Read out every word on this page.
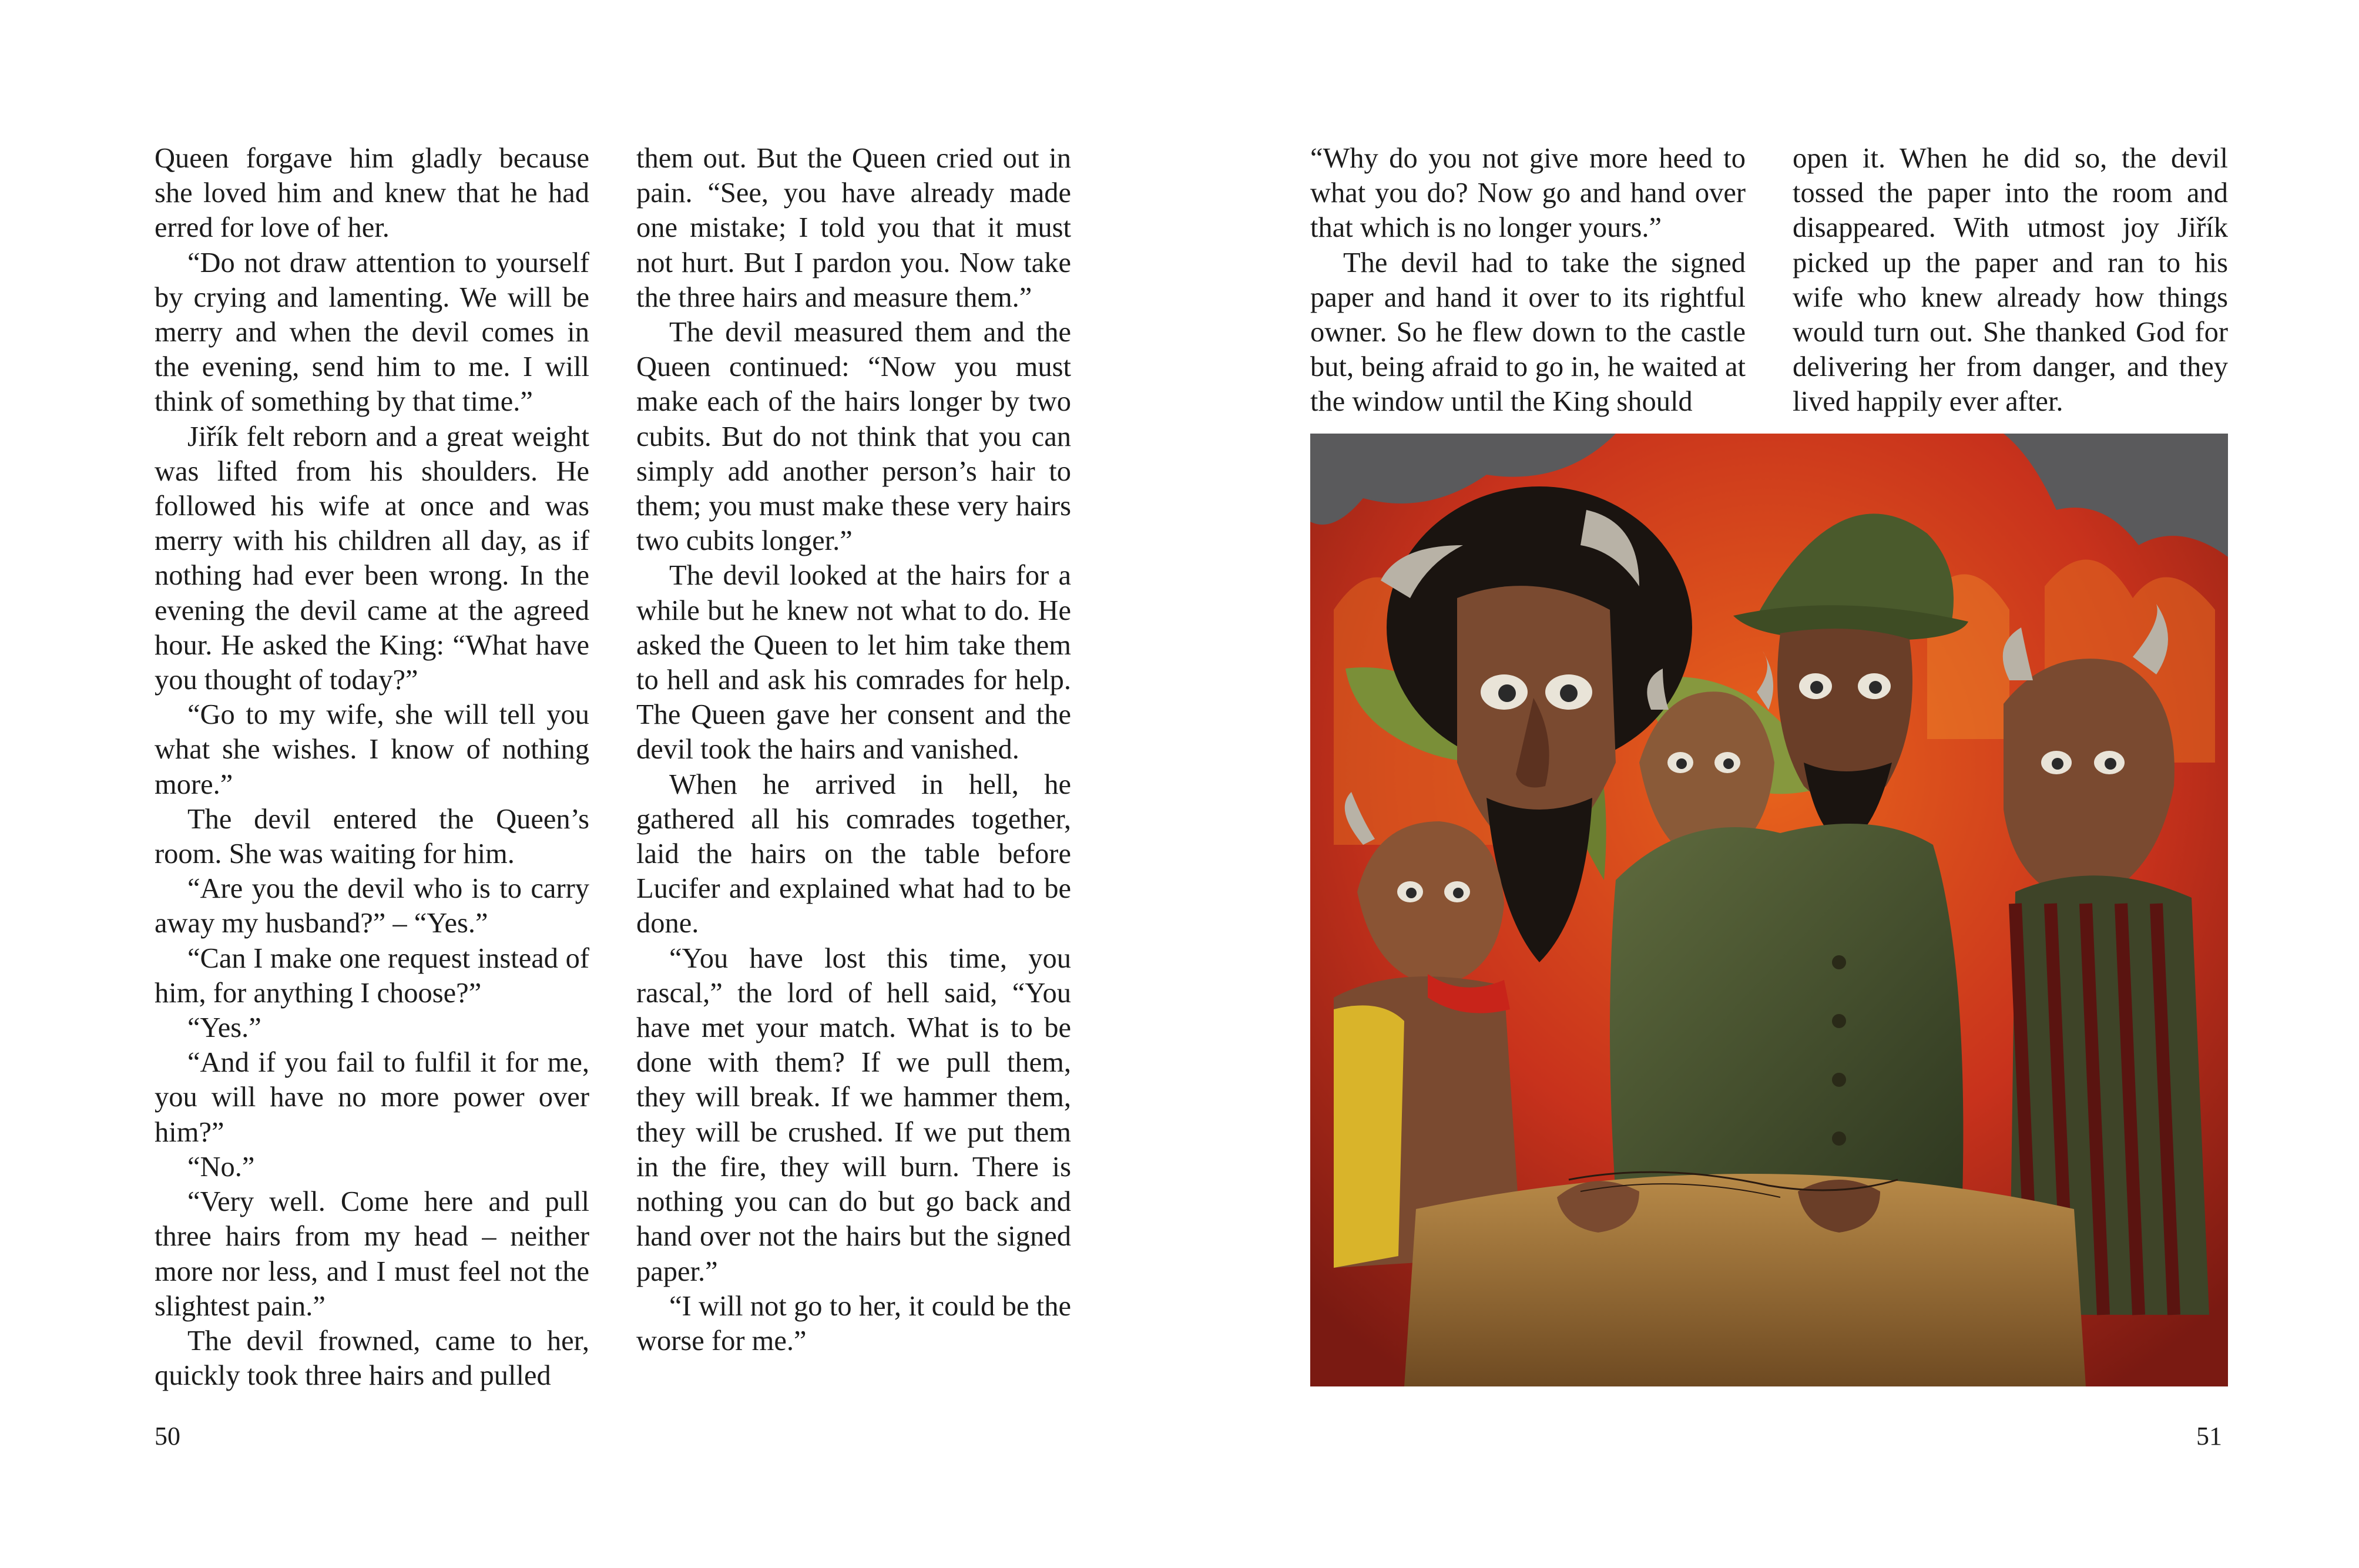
Queen forgave him gladly because she loved him and knew that he had erred for love of her.

“Do not draw attention to yourself by crying and lamenting. We will be merry and when the devil comes in the evening, send him to me. I will think of something by that time.”

Jiřík felt reborn and a great weight was lifted from his shoulders. He followed his wife at once and was merry with his children all day, as if nothing had ever been wrong. In the evening the devil came at the agreed hour. He asked the King: “What have you thought of today?”

“Go to my wife, she will tell you what she wishes. I know of nothing more.”

The devil entered the Queen’s room. She was waiting for him.

“Are you the devil who is to carry away my husband?” – “Yes.”

“Can I make one request instead of him, for anything I choose?”

“Yes.”

“And if you fail to fulfil it for me, you will have no more power over him?”

“No.”

“Very well. Come here and pull three hairs from my head – neither more nor less, and I must feel not the slightest pain.”

The devil frowned, came to her, quickly took three hairs and pulled

them out. But the Queen cried out in pain. “See, you have already made one mistake; I told you that it must not hurt. But I pardon you. Now take the three hairs and measure them.”

The devil measured them and the Queen continued: “Now you must make each of the hairs longer by two cubits. But do not think that you can simply add another person’s hair to them; you must make these very hairs two cubits longer.”

The devil looked at the hairs for a while but he knew not what to do. He asked the Queen to let him take them to hell and ask his comrades for help. The Queen gave her consent and the devil took the hairs and vanished.

When he arrived in hell, he gathered all his comrades together, laid the hairs on the table before Lucifer and explained what had to be done.

“You have lost this time, you rascal,” the lord of hell said, “You have met your match. What is to be done with them? If we pull them, they will break. If we hammer them, they will be crushed. If we put them in the fire, they will burn. There is nothing you can do but go back and hand over not the hairs but the signed paper.”

“I will not go to her, it could be the worse for me.”

50

“Why do you not give more heed to what you do? Now go and hand over that which is no longer yours.”

The devil had to take the signed paper and hand it over to its rightful owner. So he flew down to the castle but, being afraid to go in, he waited at the window until the King should

open it. When he did so, the devil tossed the paper into the room and disappeared. With utmost joy Jiřík picked up the paper and ran to his wife who knew already how things would turn out. She thanked God for delivering her from danger, and they lived happily ever after.

51
